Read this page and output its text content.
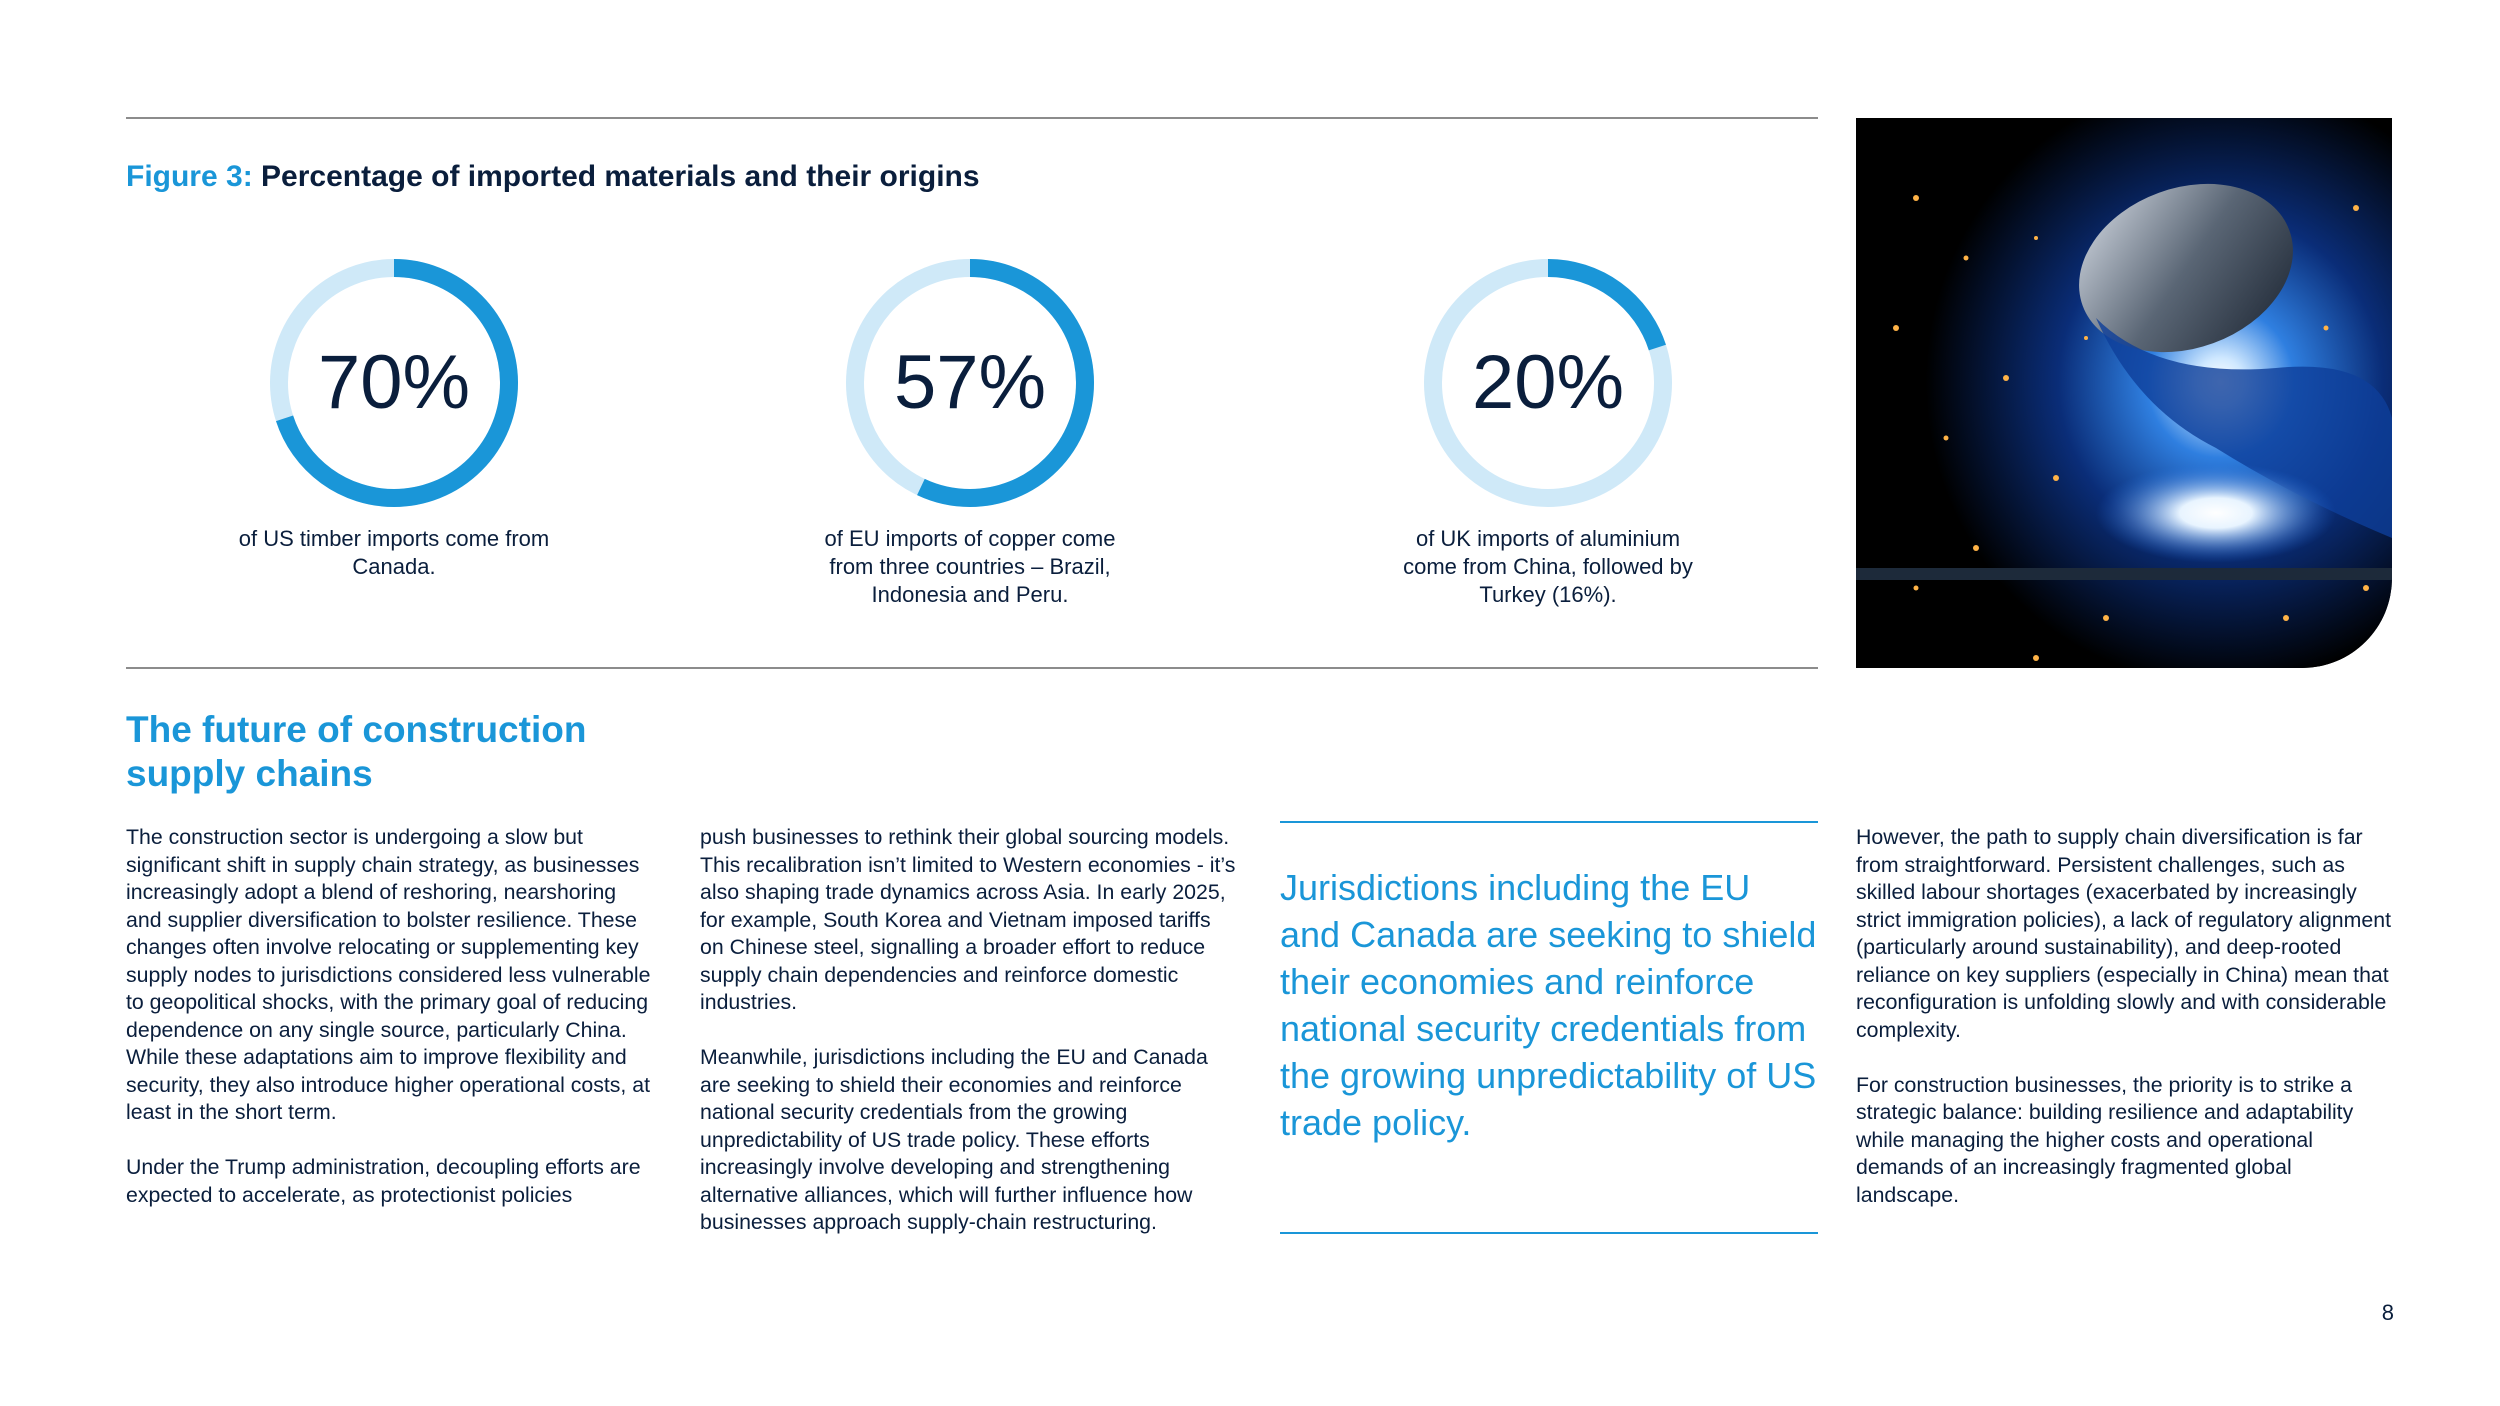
Figure 3: Percentage of imported materials and their origins
70%
of US timber imports come from Canada.
57%
of EU imports of copper come from three countries – Brazil, Indonesia and Peru.
20%
of UK imports of aluminium come from China, followed by Turkey (16%).
The future of construction supply chains

The construction sector is undergoing a slow but significant shift in supply chain strategy, as businesses increasingly adopt a blend of reshoring, nearshoring and supplier diversification to bolster resilience. These changes often involve relocating or supplementing key supply nodes to jurisdictions considered less vulnerable to geopolitical shocks, with the primary goal of reducing dependence on any single source, particularly China. While these adaptations aim to improve flexibility and security, they also introduce higher operational costs, at least in the short term.

Under the Trump administration, decoupling efforts are expected to accelerate, as protectionist policies

push businesses to rethink their global sourcing models. This recalibration isn’t limited to Western economies - it’s also shaping trade dynamics across Asia. In early 2025, for example, South Korea and Vietnam imposed tariffs on Chinese steel, signalling a broader effort to reduce supply chain dependencies and reinforce domestic industries.

Meanwhile, jurisdictions including the EU and Canada are seeking to shield their economies and reinforce national security credentials from the growing unpredictability of US trade policy. These efforts increasingly involve developing and strengthening alternative alliances, which will further influence how businesses approach supply-chain restructuring.

Jurisdictions including the EU and Canada are seeking to shield their economies and reinforce national security credentials from the growing unpredictability of US trade policy.

However, the path to supply chain diversification is far from straightforward. Persistent challenges, such as skilled labour shortages (exacerbated by increasingly strict immigration policies), a lack of regulatory alignment (particularly around sustainability), and deep-rooted reliance on key suppliers (especially in China) mean that reconfiguration is unfolding slowly and with considerable complexity.

For construction businesses, the priority is to strike a strategic balance: building resilience and adaptability while managing the higher costs and operational demands of an increasingly fragmented global landscape.

8
